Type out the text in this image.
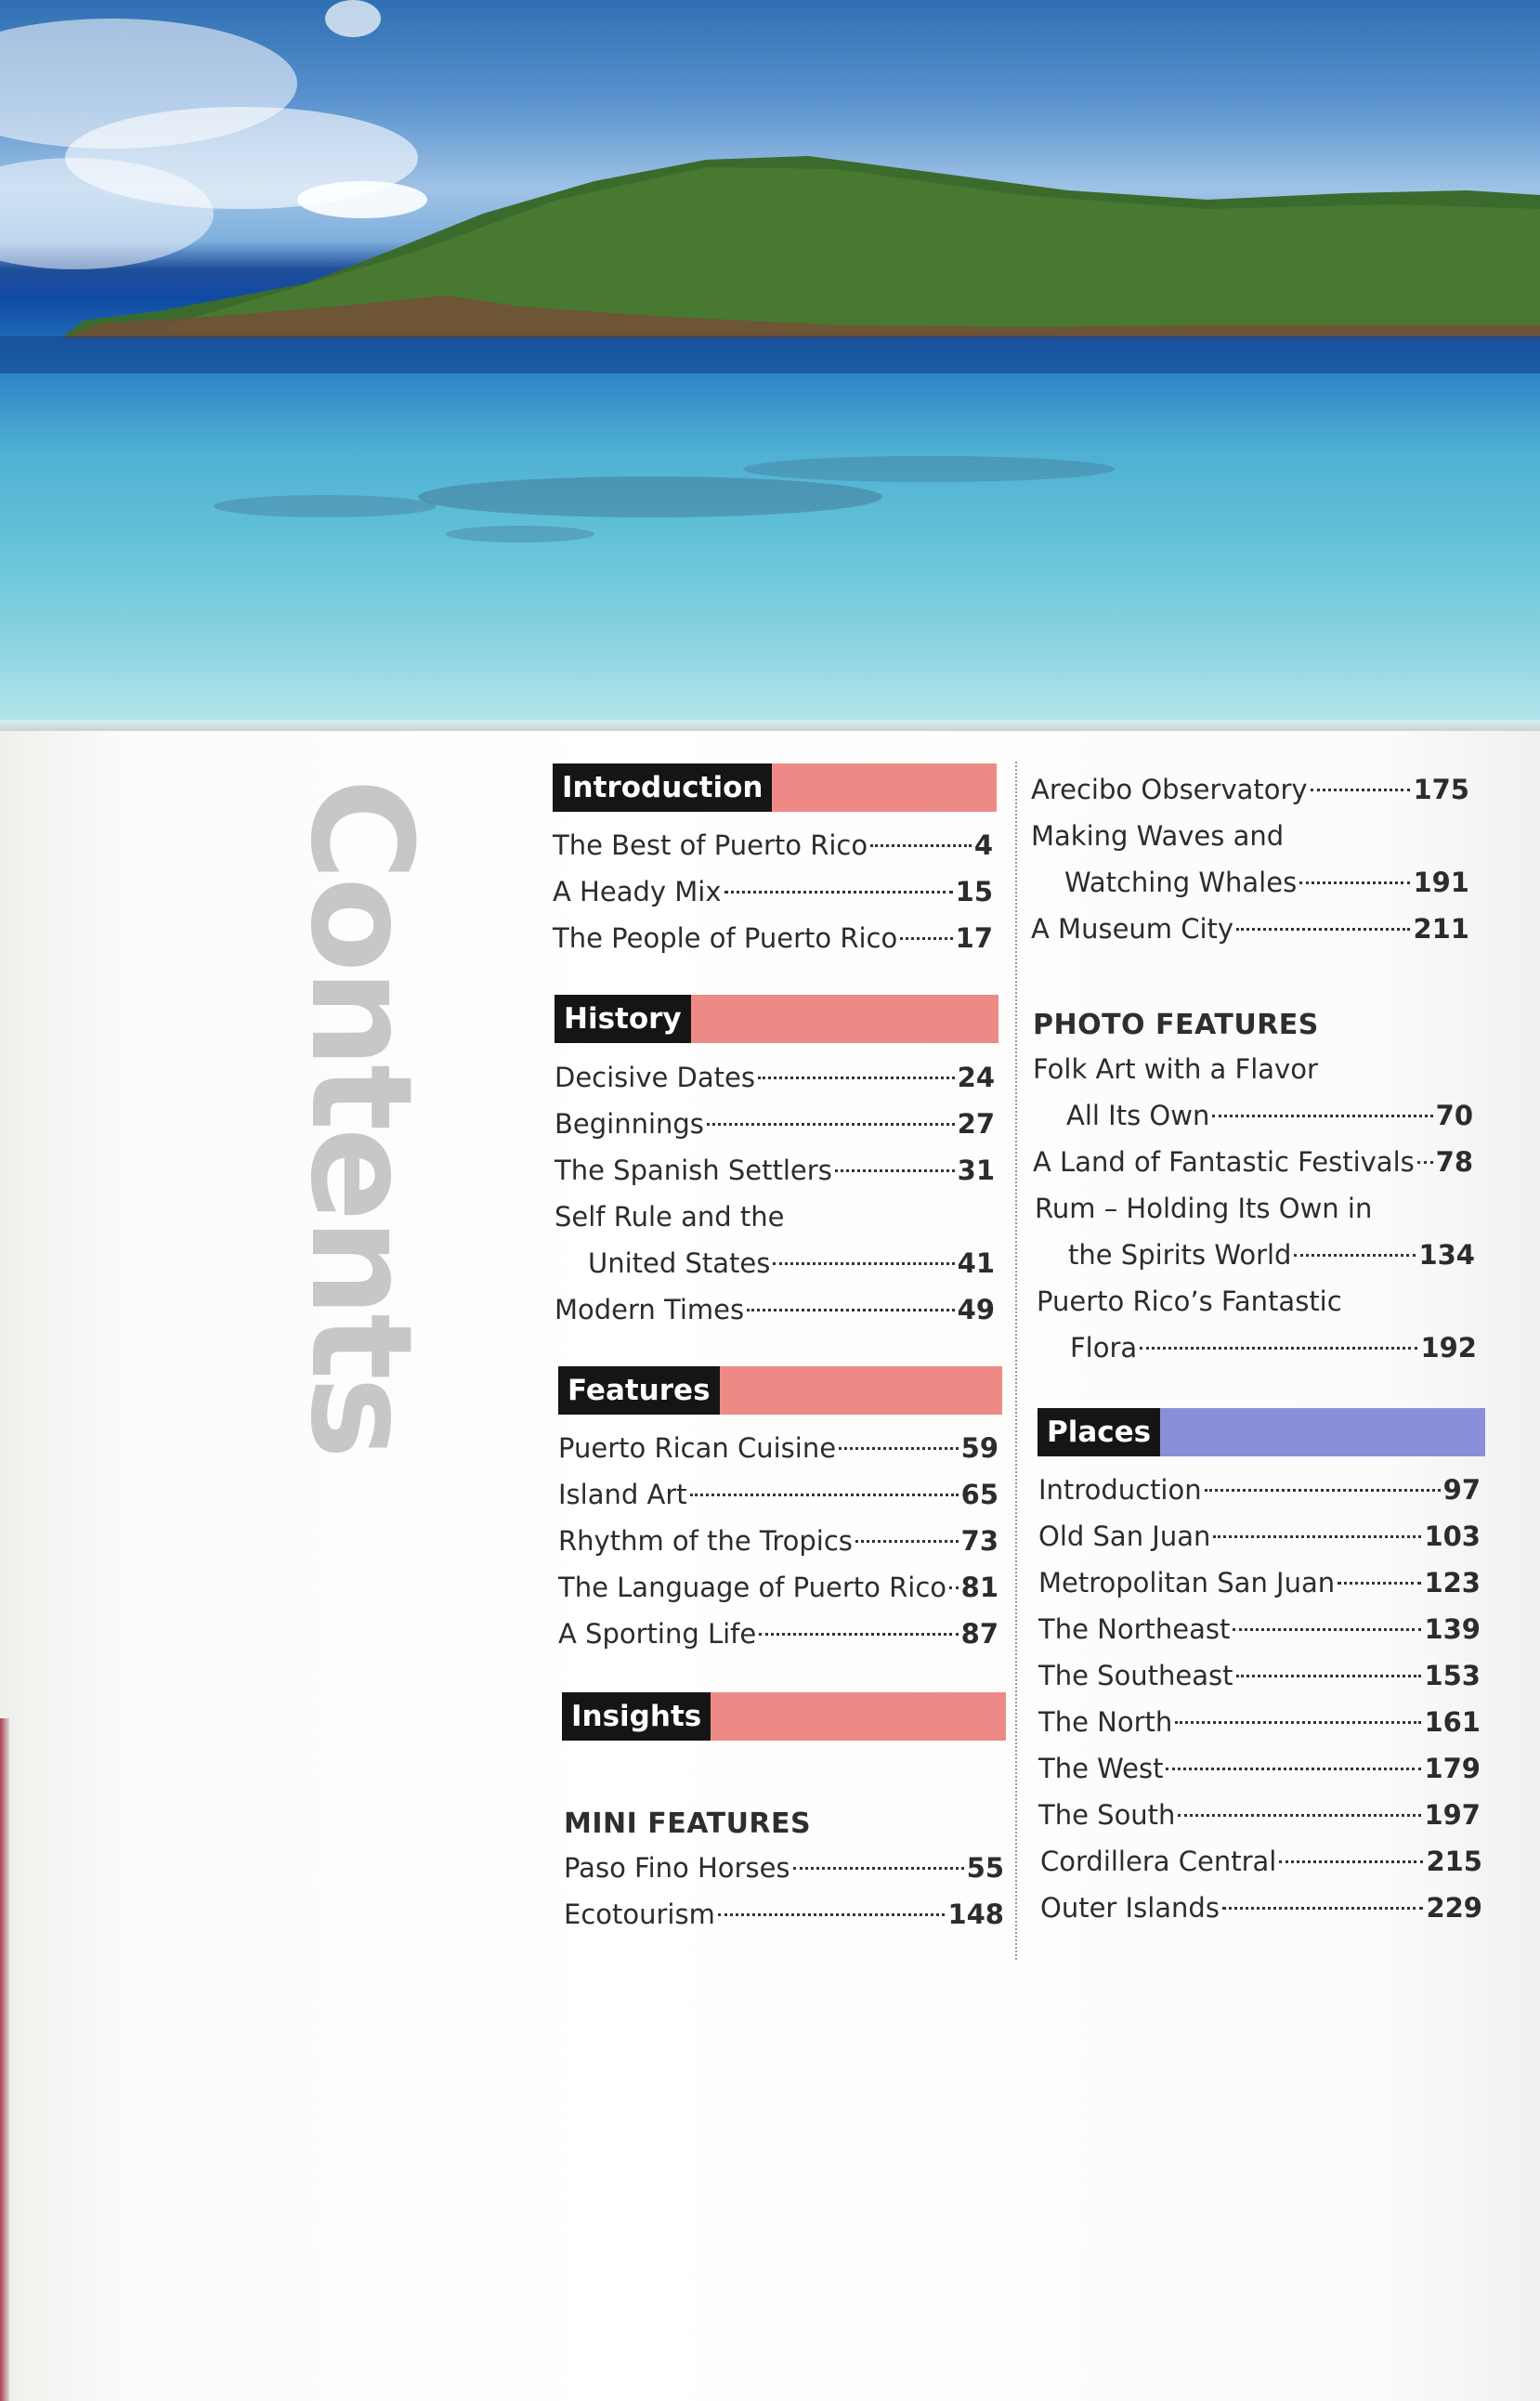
Contents	Introduction
The Best of Puerto Rico	4
A Heady Mix	15
The People of Puerto Rico 17
History
Decisive Dates	24
Beginnings	27
The Spanish Settlers	31
Self Rule and the
United States	41
Modern Times	49
Features
Puerto Rican Cuisine	59
Island Art	65
Rhythm of the Tropics	73
The Language of Puerto Rico 81
A Sporting Life	87
Insights
MINI FEATURES
Paso Fino Horses	55
Ecotourism	148
Arecibo Observatory	175
Making Waves and
Watching Whales	191
A Museum City	211
PHOTO FEATURES
Folk Art with a Flavor
All Its Own	70
A Land of Fantastic Festivals 78
Rum – Holding Its Own in
the Spirits World	134
Puerto Rico’s Fantastic
Flora	192
Places
Introduction	97
Old San Juan	103
Metropolitan San Juan	123
The Northeast	139
The Southeast	153
The North	161
The West	179
The South	197
Cordillera Central	215
Outer Islands	229
